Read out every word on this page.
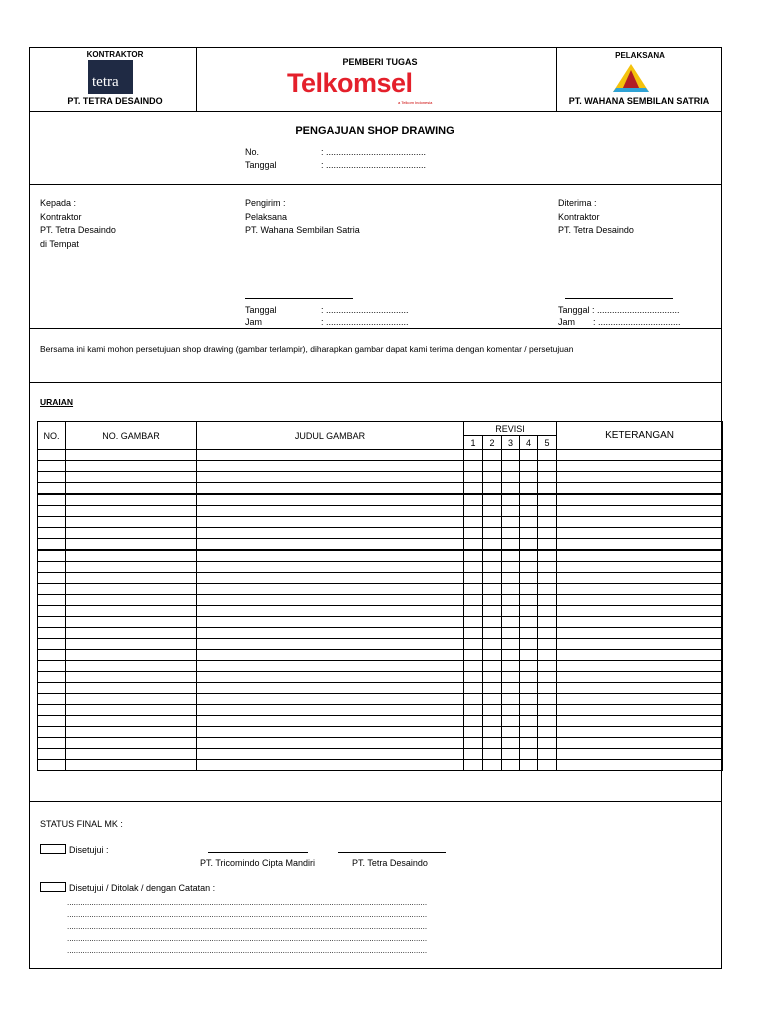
KONTRAKTOR
tetra
PT. TETRA DESAINDO
PEMBERI TUGAS
Telkomsel
a Telkom Indonesia
PELAKSANA
PT. WAHANA SEMBILAN SATRIA
PENGAJUAN SHOP DRAWING
No.	: ........................................
Tanggal	: ........................................
Kepada :
Kontraktor
PT. Tetra Desaindo
di Tempat
Pengirim :
Pelaksana
PT. Wahana Sembilan Satria
Tanggal	: .................................
Jam	: .................................
Diterima :
Kontraktor
PT. Tetra Desaindo
Tanggal : .................................
Jam : .................................
Bersama ini kami mohon persetujuan shop drawing (gambar terlampir), diharapkan gambar dapat kami terima dengan komentar / persetujuan
URAIAN
NO.	NO. GAMBAR	JUDUL GAMBAR	REVISI					KETERANGAN
			1	2	3	4	5	

STATUS FINAL MK :
Disetujui :
PT. Tricomindo Cipta Mandiri	PT. Tetra Desaindo
Disetujui / Ditolak / dengan Catatan :
..................................................................................................................................................................
..................................................................................................................................................................
..................................................................................................................................................................
..................................................................................................................................................................
..................................................................................................................................................................
